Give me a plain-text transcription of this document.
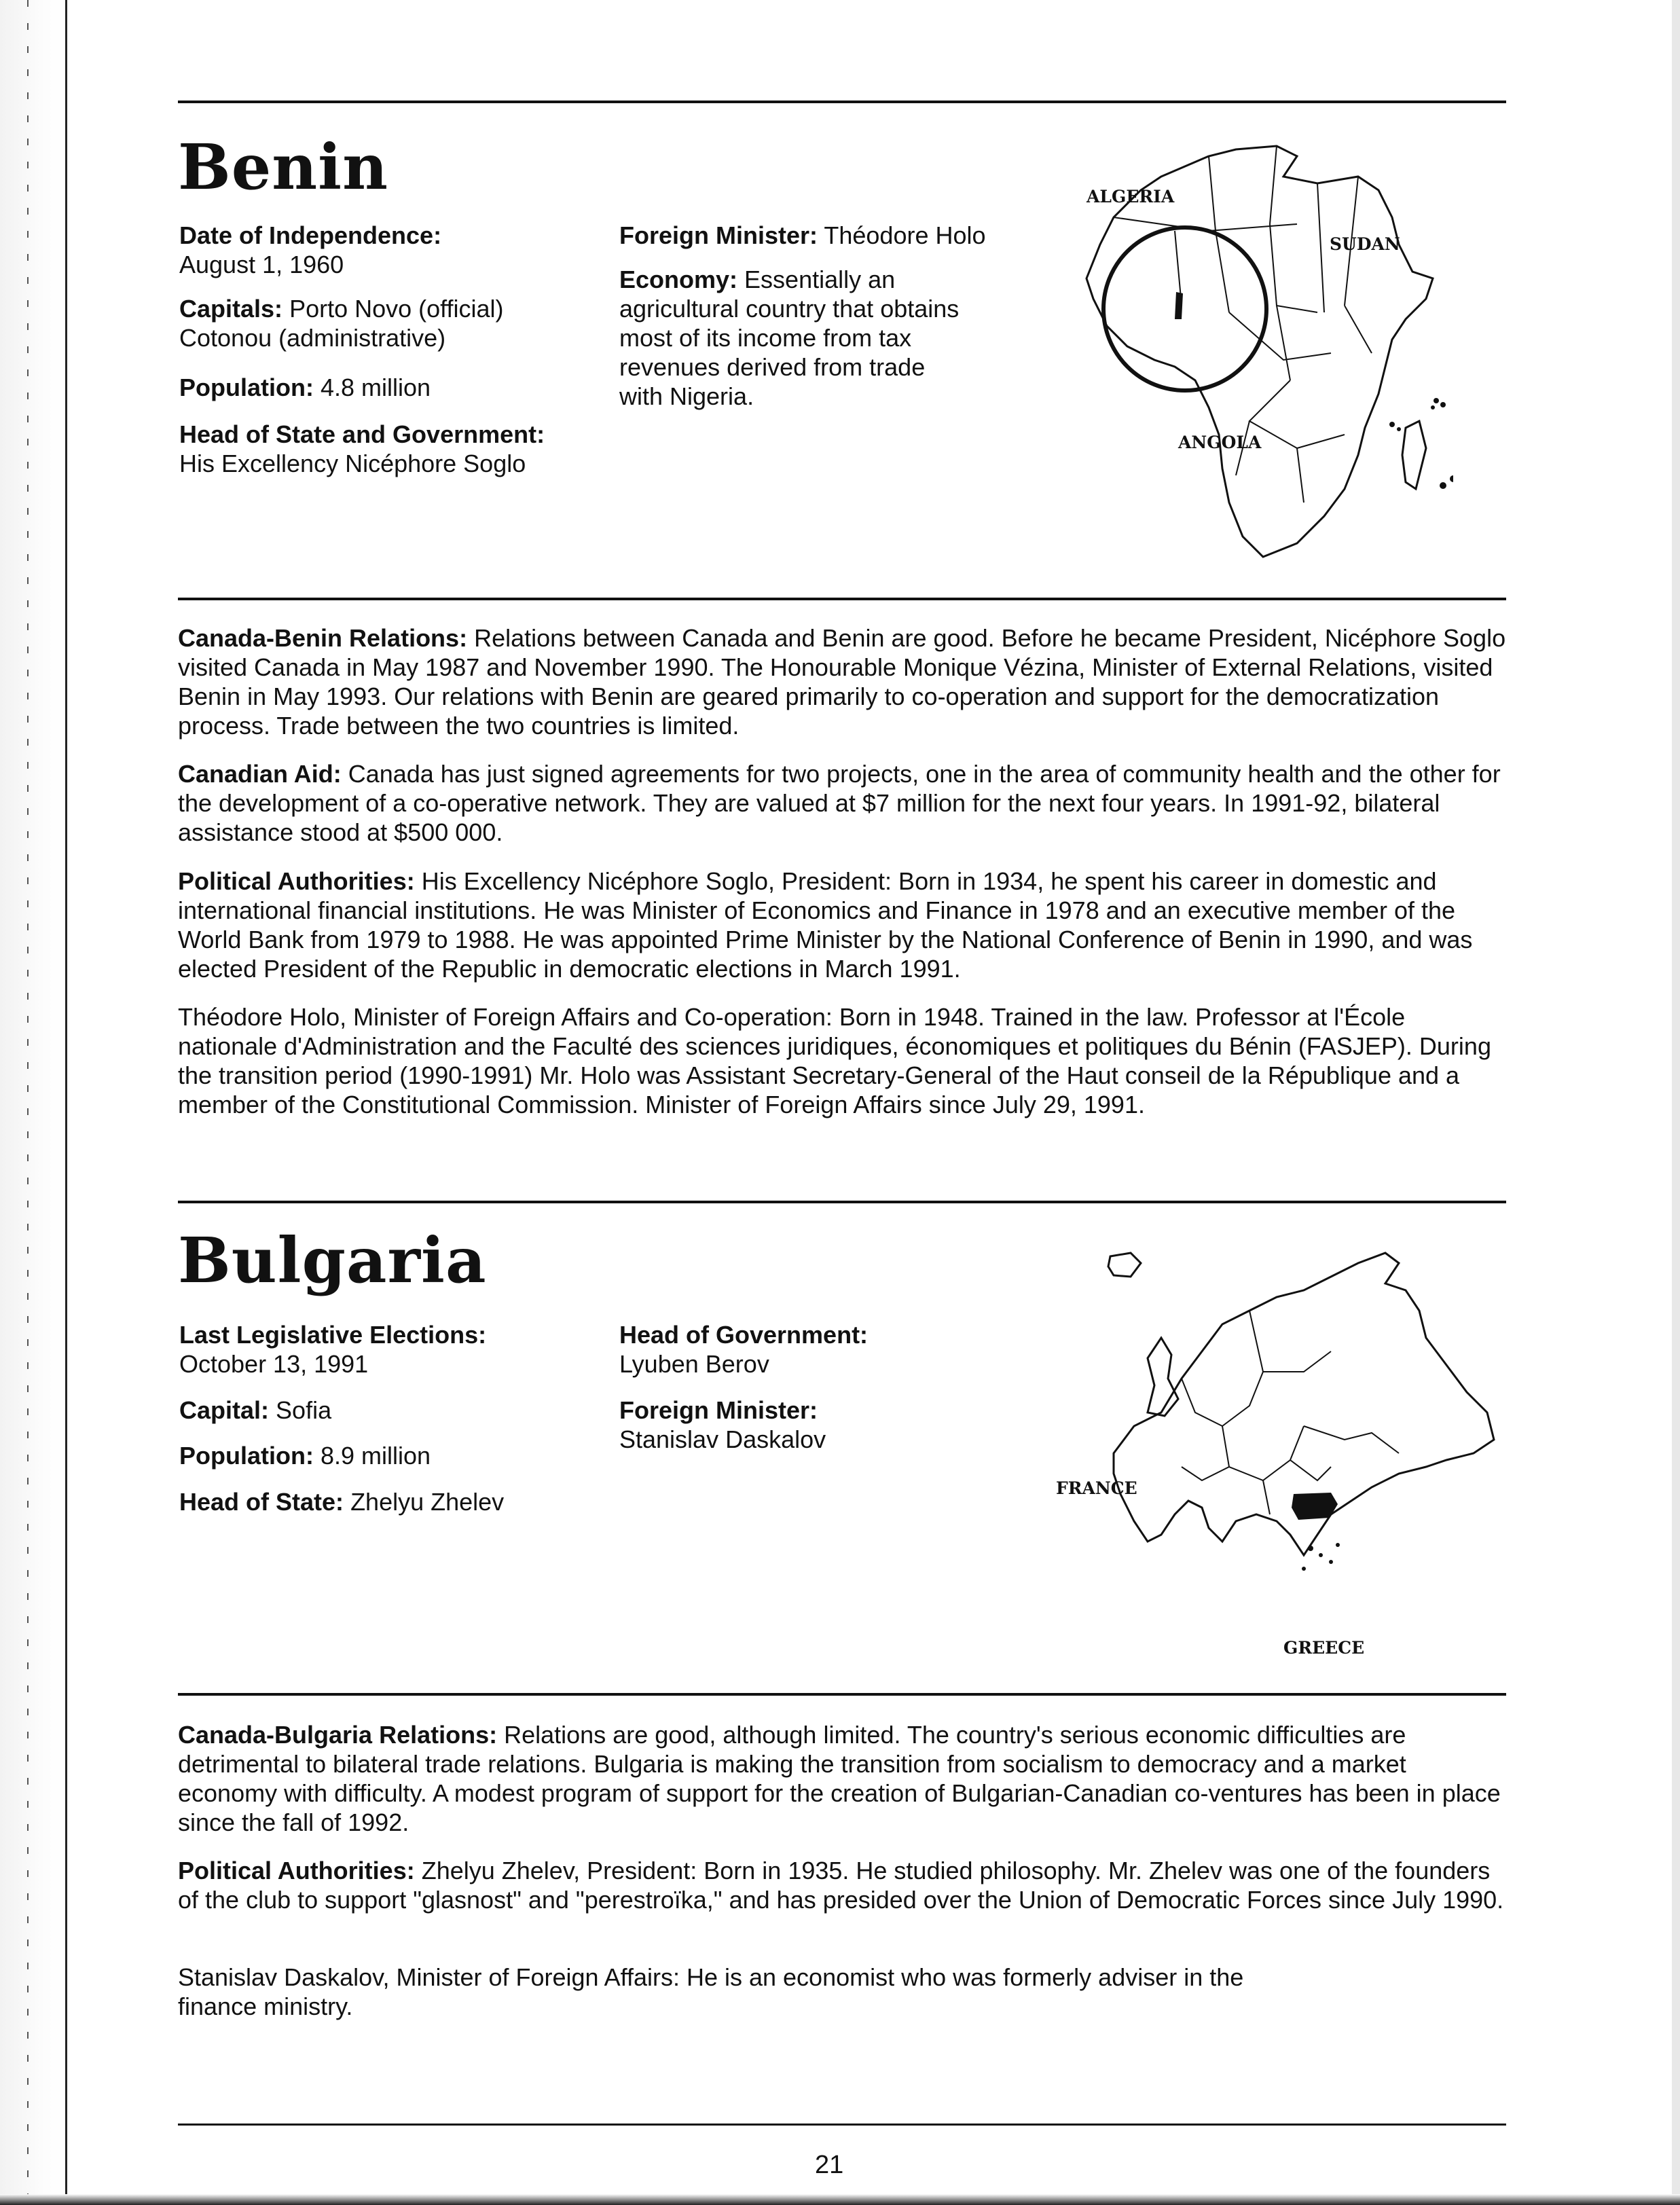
Benin
Date of Independence:
August 1, 1960
Capitals: Porto Novo (official)
Cotonou (administrative)
Population: 4.8 million
Head of State and Government:
His Excellency Nicéphore Soglo
Foreign Minister: Théodore Holo
Economy: Essentially an
agricultural country that obtains
most of its income from tax
revenues derived from trade
with Nigeria.
ALGERIA
SUDAN
ANGOLA

Canada-Benin Relations: Relations between Canada and Benin are good. Before he became President, Nicéphore Soglo visited Canada in May 1987 and November 1990. The Honourable Monique Vézina, Minister of External Relations, visited Benin in May 1993. Our relations with Benin are geared primarily to co-operation and support for the democratization process. Trade between the two countries is limited.

Canadian Aid: Canada has just signed agreements for two projects, one in the area of community health and the other for the development of a co-operative network. They are valued at $7 million for the next four years. In 1991-92, bilateral assistance stood at $500 000.

Political Authorities: His Excellency Nicéphore Soglo, President: Born in 1934, he spent his career in domestic and international financial institutions. He was Minister of Economics and Finance in 1978 and an executive member of the World Bank from 1979 to 1988. He was appointed Prime Minister by the National Conference of Benin in 1990, and was elected President of the Republic in democratic elections in March 1991.

Théodore Holo, Minister of Foreign Affairs and Co-operation: Born in 1948. Trained in the law. Professor at l'École nationale d'Administration and the Faculté des sciences juridiques, économiques et politiques du Bénin (FASJEP). During the transition period (1990-1991) Mr. Holo was Assistant Secretary-General of the Haut conseil de la République and a member of the Constitutional Commission. Minister of Foreign Affairs since July 29, 1991.

Bulgaria
Last Legislative Elections:
October 13, 1991
Capital: Sofia
Population: 8.9 million
Head of State: Zhelyu Zhelev
Head of Government:
Lyuben Berov
Foreign Minister:
Stanislav Daskalov
FRANCE
GREECE

Canada-Bulgaria Relations: Relations are good, although limited. The country's serious economic difficulties are detrimental to bilateral trade relations. Bulgaria is making the transition from socialism to democracy and a market economy with difficulty. A modest program of support for the creation of Bulgarian-Canadian co-ventures has been in place since the fall of 1992.

Political Authorities: Zhelyu Zhelev, President: Born in 1935. He studied philosophy. Mr. Zhelev was one of the founders of the club to support "glasnost" and "perestroïka," and has presided over the Union of Democratic Forces since July 1990.

Stanislav Daskalov, Minister of Foreign Affairs: He is an economist who was formerly adviser in the finance ministry.

21
